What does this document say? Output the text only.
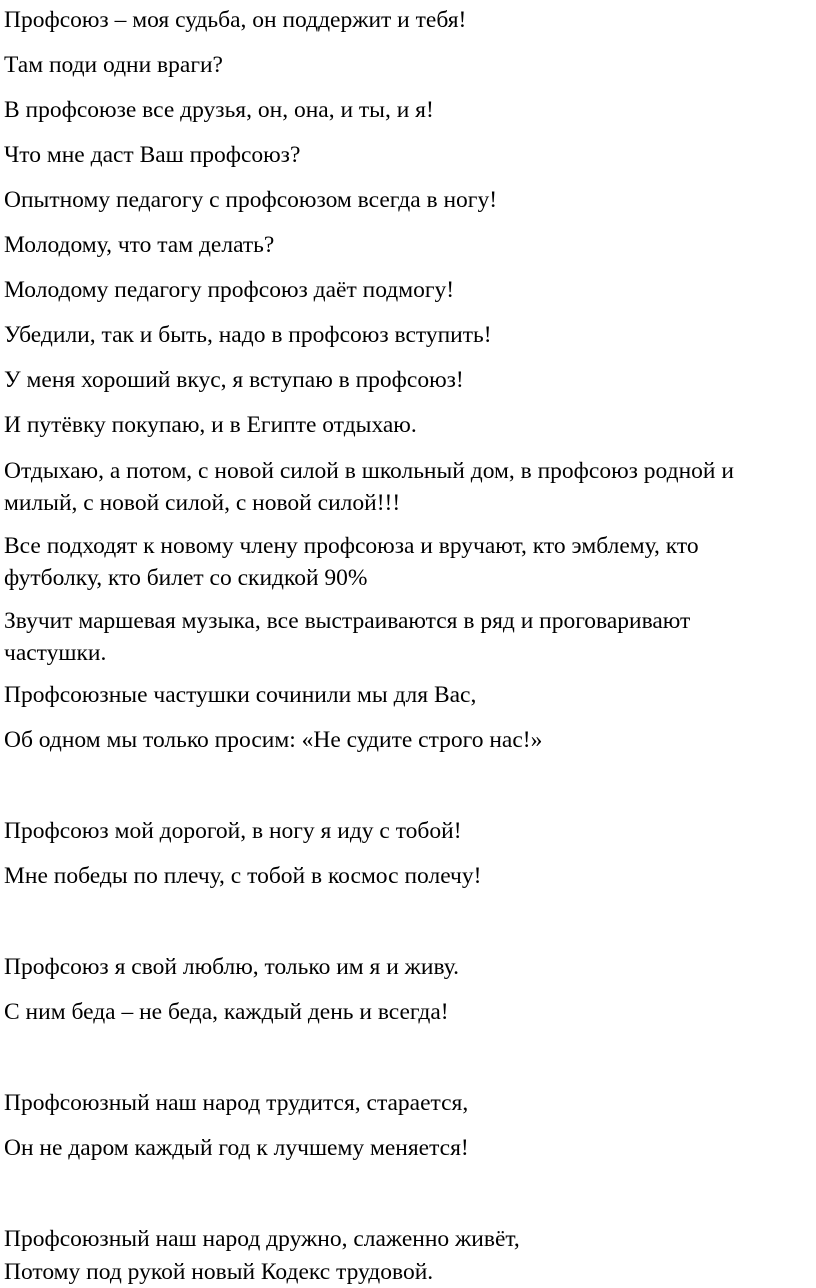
Профсоюз – моя судьба, он поддержит и тебя!
Там поди одни враги?
В профсоюзе все друзья, он, она, и ты, и я!
Что мне даст Ваш профсоюз?
Опытному педагогу с профсоюзом всегда в ногу!
Молодому, что там делать?
Молодому педагогу профсоюз даёт подмогу!
Убедили, так и быть, надо в профсоюз вступить!
У меня хороший вкус, я вступаю в профсоюз!
И путёвку покупаю, и в Египте отдыхаю.
Отдыхаю, а потом, с новой силой в школьный дом, в профсоюз родной и милый, с новой силой, с новой силой!!!
Все подходят к новому члену профсоюза и вручают, кто эмблему, кто футболку, кто билет со скидкой 90%
Звучит маршевая музыка, все выстраиваются в ряд и проговаривают частушки.
Профсоюзные частушки сочинили мы для Вас,
Об одном мы только просим: «Не судите строго нас!»
Профсоюз мой дорогой, в ногу я иду с тобой!
Мне победы по плечу, с тобой в космос полечу!
Профсоюз я свой люблю, только им я и живу.
С ним беда – не беда, каждый день и всегда!
Профсоюзный наш народ трудится, старается,
Он не даром каждый год к лучшему меняется!
Профсоюзный наш народ дружно, слаженно живёт,
Потому под рукой новый Кодекс трудовой.
